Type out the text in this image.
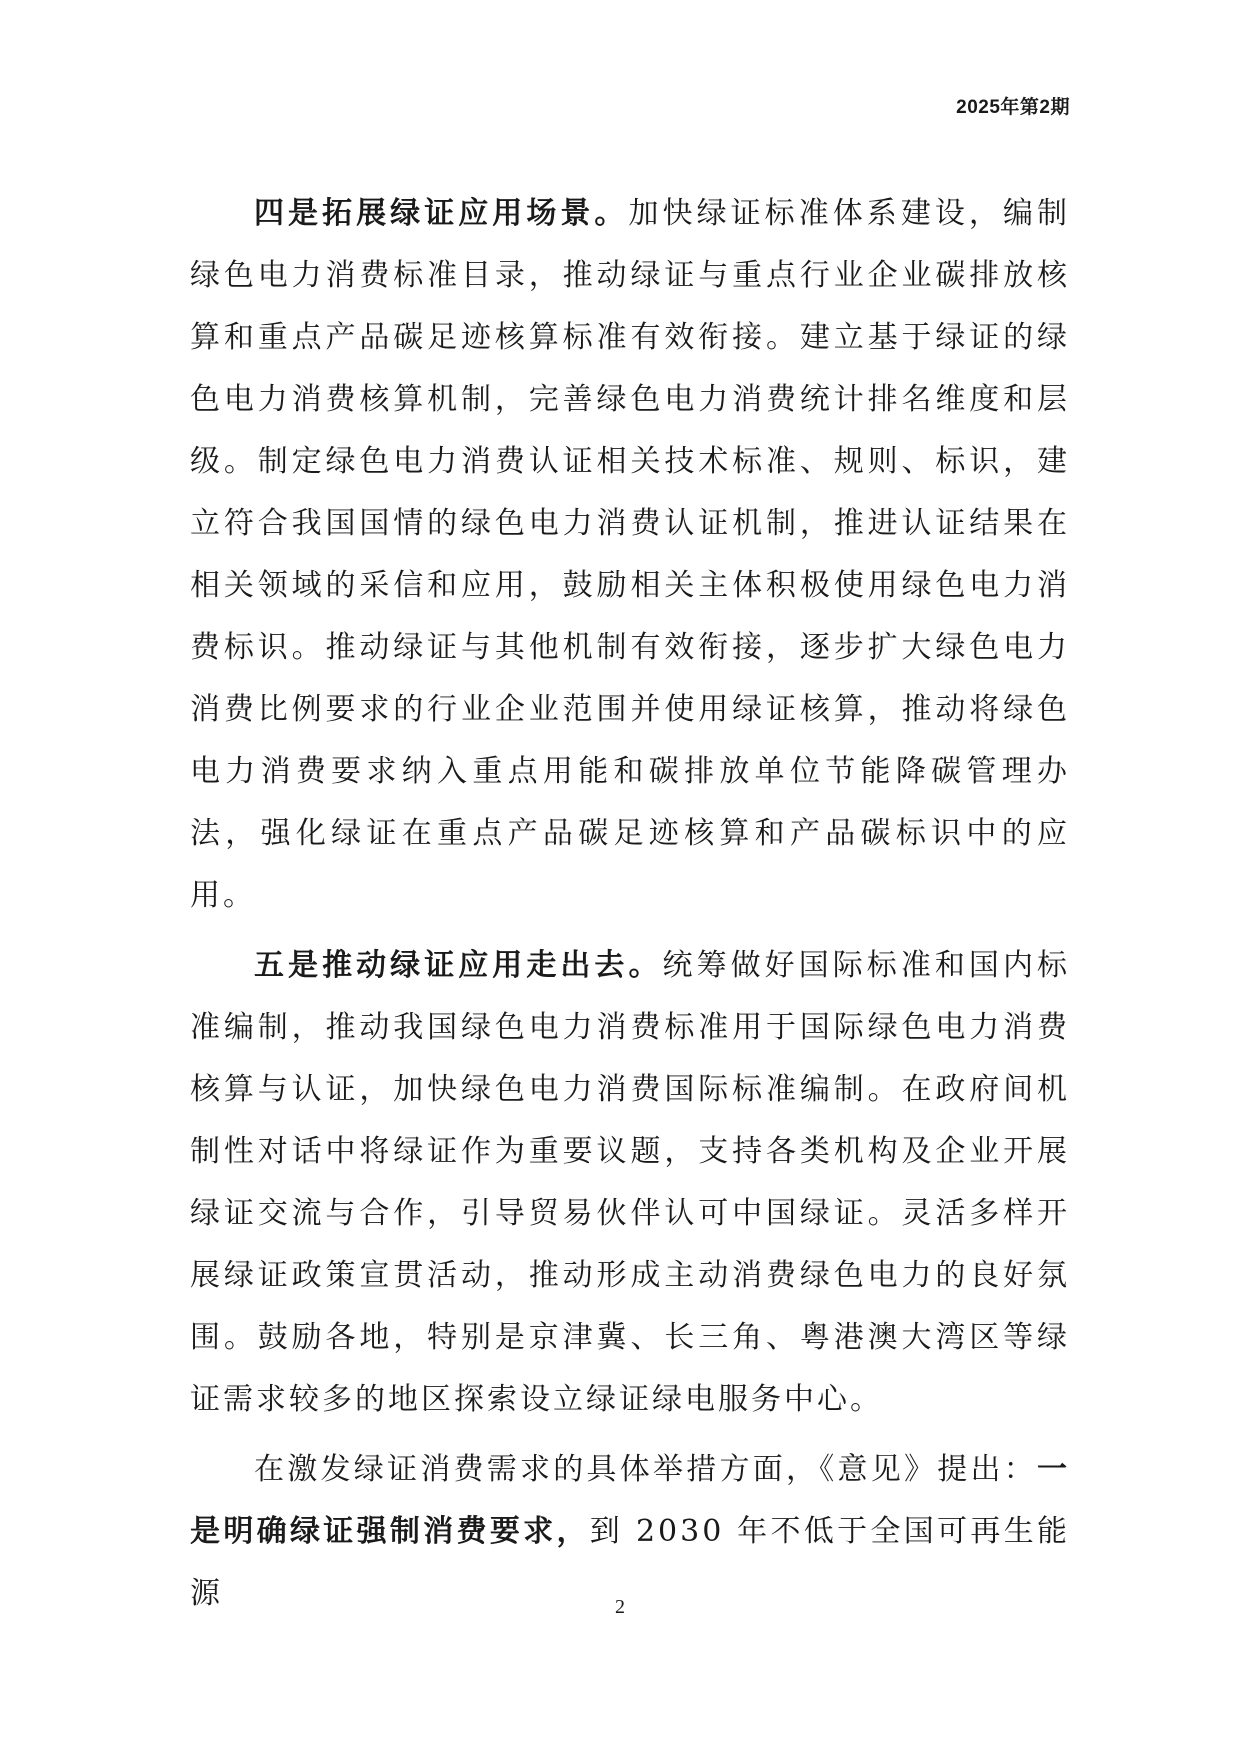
2025年第2期

四是拓展绿证应用场景。加快绿证标准体系建设，编制绿色电力消费标准目录，推动绿证与重点行业企业碳排放核算和重点产品碳足迹核算标准有效衔接。建立基于绿证的绿色电力消费核算机制，完善绿色电力消费统计排名维度和层级。制定绿色电力消费认证相关技术标准、规则、标识，建立符合我国国情的绿色电力消费认证机制，推进认证结果在相关领域的采信和应用，鼓励相关主体积极使用绿色电力消费标识。推动绿证与其他机制有效衔接，逐步扩大绿色电力消费比例要求的行业企业范围并使用绿证核算，推动将绿色电力消费要求纳入重点用能和碳排放单位节能降碳管理办法，强化绿证在重点产品碳足迹核算和产品碳标识中的应用。

五是推动绿证应用走出去。统筹做好国际标准和国内标准编制，推动我国绿色电力消费标准用于国际绿色电力消费核算与认证，加快绿色电力消费国际标准编制。在政府间机制性对话中将绿证作为重要议题，支持各类机构及企业开展绿证交流与合作，引导贸易伙伴认可中国绿证。灵活多样开展绿证政策宣贯活动，推动形成主动消费绿色电力的良好氛围。鼓励各地，特别是京津冀、长三角、粤港澳大湾区等绿证需求较多的地区探索设立绿证绿电服务中心。

在激发绿证消费需求的具体举措方面，《意见》提出：一是明确绿证强制消费要求，到 2030 年不低于全国可再生能源	2
